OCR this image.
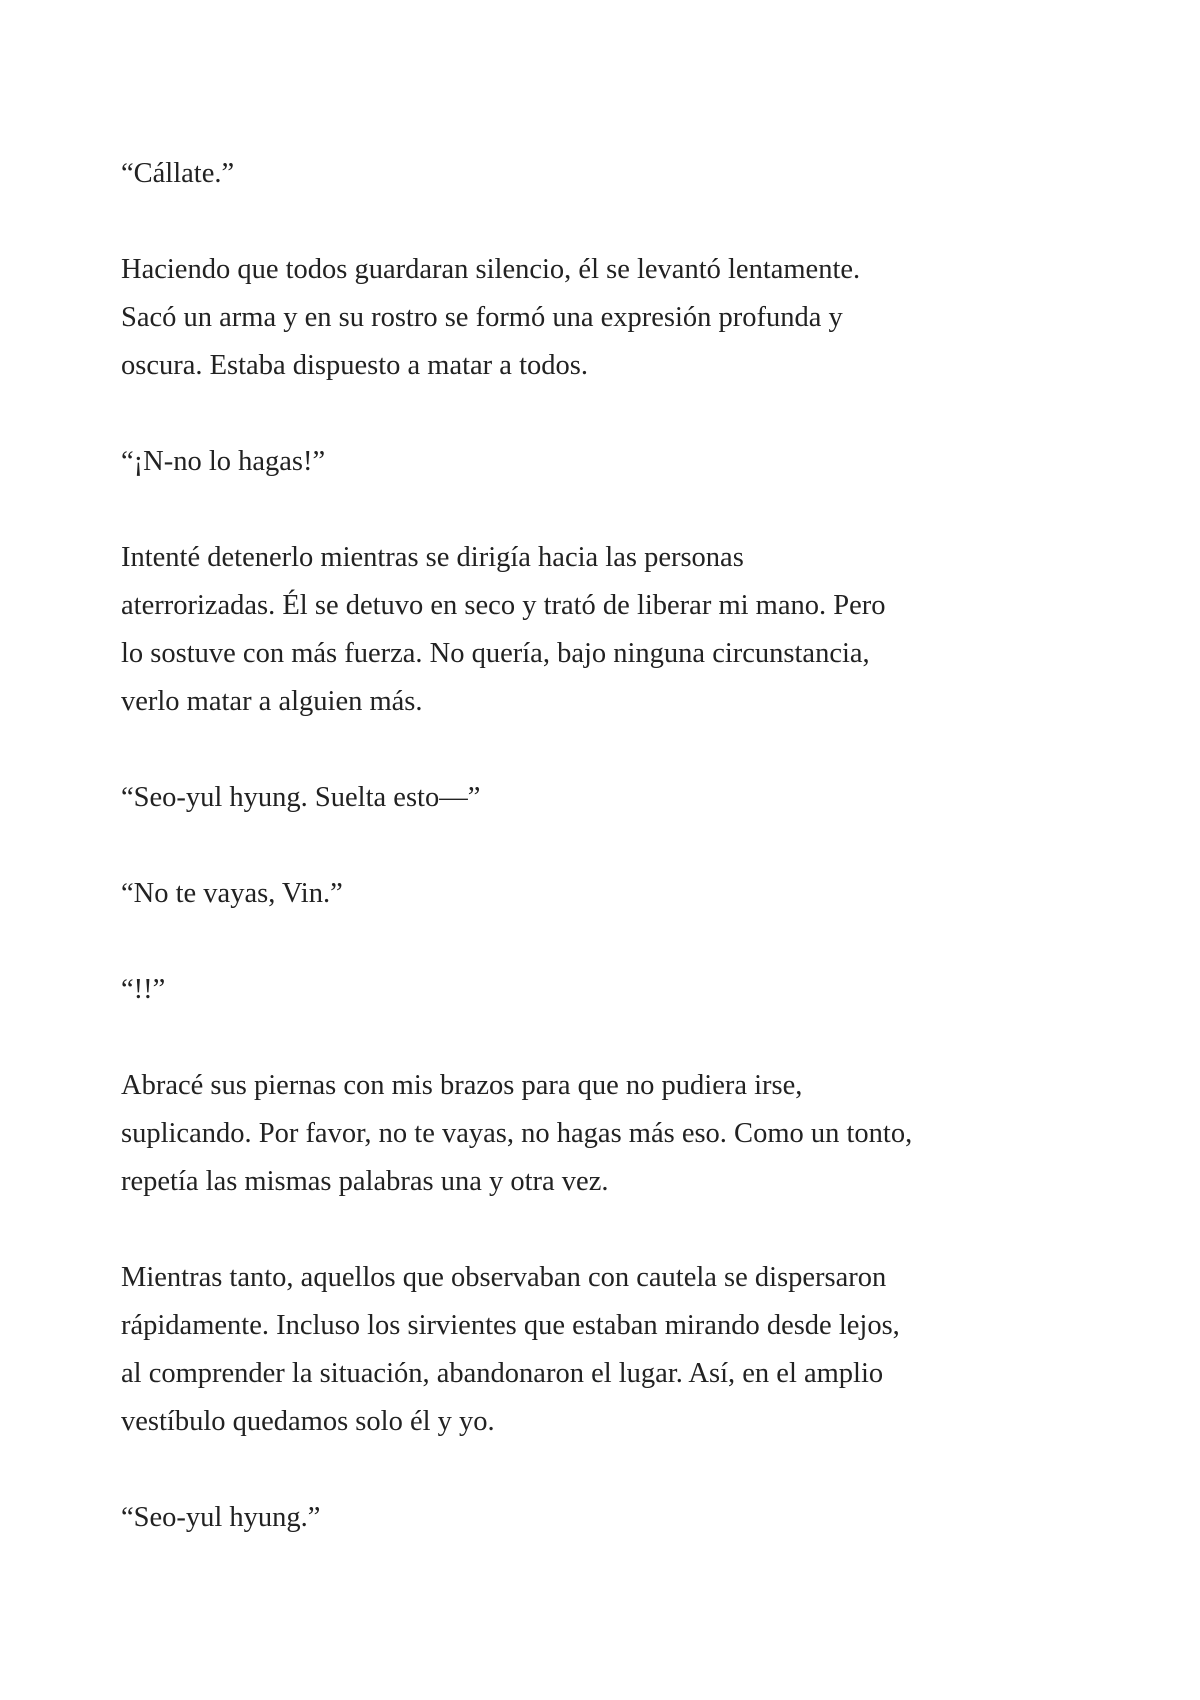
“Cállate.”

Haciendo que todos guardaran silencio, él se levantó lentamente.
Sacó un arma y en su rostro se formó una expresión profunda y
oscura. Estaba dispuesto a matar a todos.

“¡N-no lo hagas!”

Intenté detenerlo mientras se dirigía hacia las personas
aterrorizadas. Él se detuvo en seco y trató de liberar mi mano. Pero
lo sostuve con más fuerza. No quería, bajo ninguna circunstancia,
verlo matar a alguien más.

“Seo-yul hyung. Suelta esto—”

“No te vayas, Vin.”

“!!”

Abracé sus piernas con mis brazos para que no pudiera irse,
suplicando. Por favor, no te vayas, no hagas más eso. Como un tonto,
repetía las mismas palabras una y otra vez.

Mientras tanto, aquellos que observaban con cautela se dispersaron
rápidamente. Incluso los sirvientes que estaban mirando desde lejos,
al comprender la situación, abandonaron el lugar. Así, en el amplio
vestíbulo quedamos solo él y yo.

“Seo-yul hyung.”
